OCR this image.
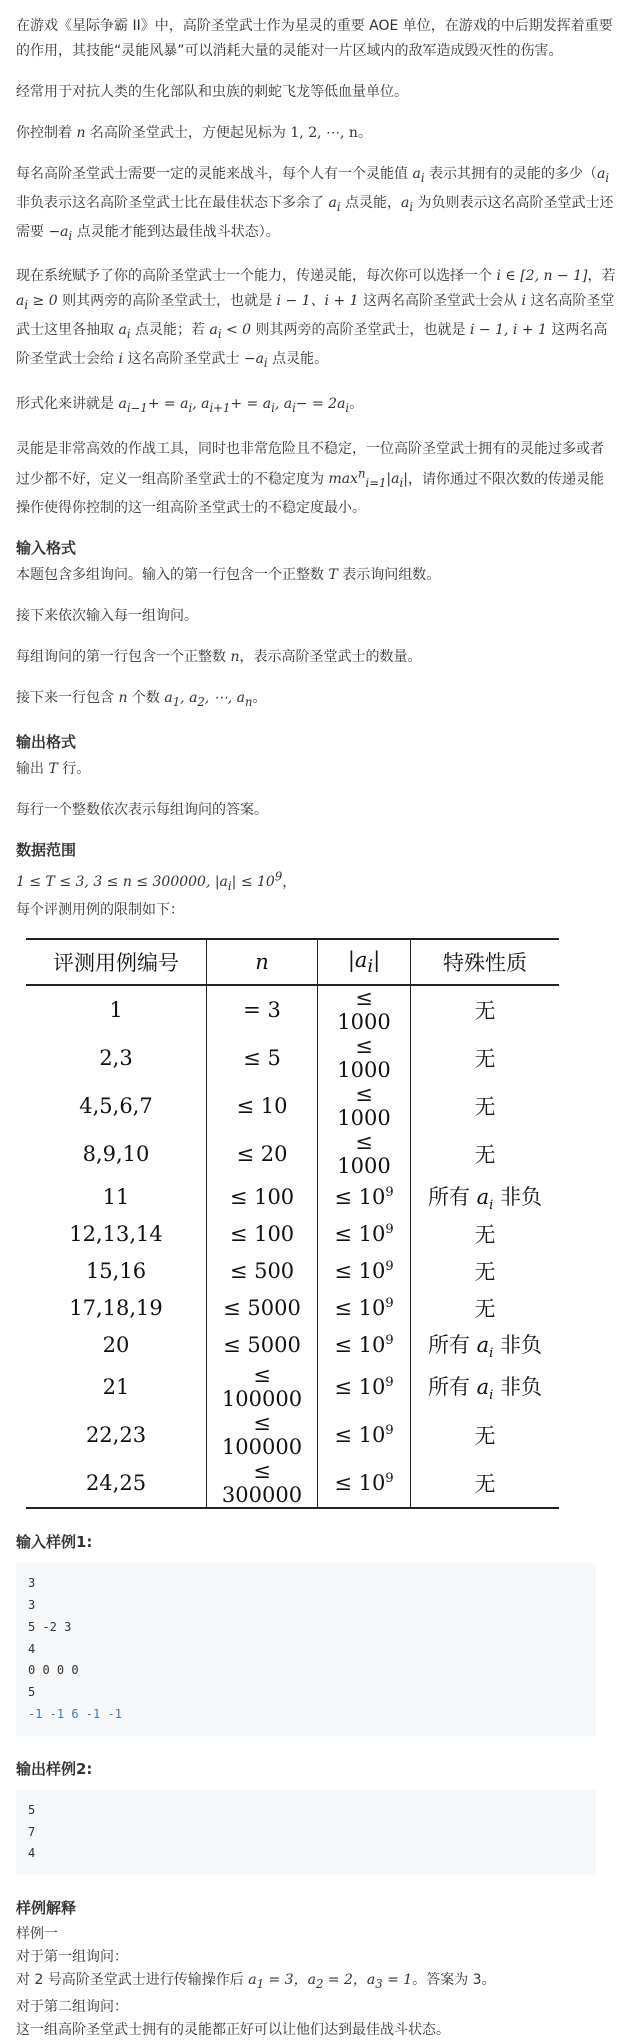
在游戏《星际争霸 II》中，高阶圣堂武士作为星灵的重要 AOE 单位，在游戏的中后期发挥着重要的作用，其技能“灵能风暴”可以消耗大量的灵能对一片区域内的敌军造成毁灭性的伤害。

经常用于对抗人类的生化部队和虫族的刺蛇飞龙等低血量单位。

你控制着 n 名高阶圣堂武士，方便起见标为 1, 2, ⋯, n。

每名高阶圣堂武士需要一定的灵能来战斗，每个人有一个灵能值 $a_i$ 表示其拥有的灵能的多少（$a_i$ 非负表示这名高阶圣堂武士比在最佳状态下多余了 $a_i$ 点灵能，$a_i$ 为负则表示这名高阶圣堂武士还需要 $-a_i$ 点灵能才能到达最佳战斗状态）。

现在系统赋予了你的高阶圣堂武士一个能力，传递灵能，每次你可以选择一个 i ∈ [2, n − 1]，若 $a_i \ge 0$ 则其两旁的高阶圣堂武士，也就是 i − 1、i + 1 这两名高阶圣堂武士会从 i 这名高阶圣堂武士这里各抽取 $a_i$ 点灵能；若 $a_i < 0$ 则其两旁的高阶圣堂武士，也就是 i − 1, i + 1 这两名高阶圣堂武士会给 i 这名高阶圣堂武士 $-a_i$ 点灵能。

形式化来讲就是 $a_{i-1}+ = a_i$, $a_{i+1}+ = a_i$, $a_i- = 2a_i$。

灵能是非常高效的作战工具，同时也非常危险且不稳定，一位高阶圣堂武士拥有的灵能过多或者过少都不好，定义一组高阶圣堂武士的不稳定度为 $\max^n_{i=1}|a_i|$，请你通过不限次数的传递灵能操作使得你控制的这一组高阶圣堂武士的不稳定度最小。

输入格式

本题包含多组询问。输入的第一行包含一个正整数 T 表示询问组数。

接下来依次输入每一组询问。

每组询问的第一行包含一个正整数 n，表示高阶圣堂武士的数量。

接下来一行包含 n 个数 $a_1$, $a_2$, ⋯, $a_n$。

输出格式

输出 T 行。

每行一个整数依次表示每组询问的答案。

数据范围
1 ≤ T ≤ 3, 3 ≤ n ≤ 300000, $|a_i| \le 10^9$，
每个评测用例的限制如下：
评测用例编号	n	$|a_i|$	特殊性质
1	= 3	≤ 1000	无
2,3	≤ 5	≤ 1000	无
4,5,6,7	≤ 10	≤ 1000	无
8,9,10	≤ 20	≤ 1000	无
11	≤ 100	≤ $10^9$	所有 $a_i$ 非负
12,13,14	≤ 100	≤ $10^9$	无
15,16	≤ 500	≤ $10^9$	无
17,18,19	≤ 5000	≤ $10^9$	无
20	≤ 5000	≤ $10^9$	所有 $a_i$ 非负
21	≤ 100000	≤ $10^9$	所有 $a_i$ 非负
22,23	≤ 100000	≤ $10^9$	无
24,25	≤ 300000	≤ $10^9$	无
输入样例1:
3
3
5 -2 3
4
0 0 0 0
5
-1 -1 6 -1 -1
输出样例2:
5
7
4
样例解释
样例一
对于第一组询问：
对 2 号高阶圣堂武士进行传输操作后 $a_1 = 3$，$a_2 = 2$，$a_3 = 1$。答案为 3。
对于第二组询问：
这一组高阶圣堂武士拥有的灵能都正好可以让他们达到最佳战斗状态。
